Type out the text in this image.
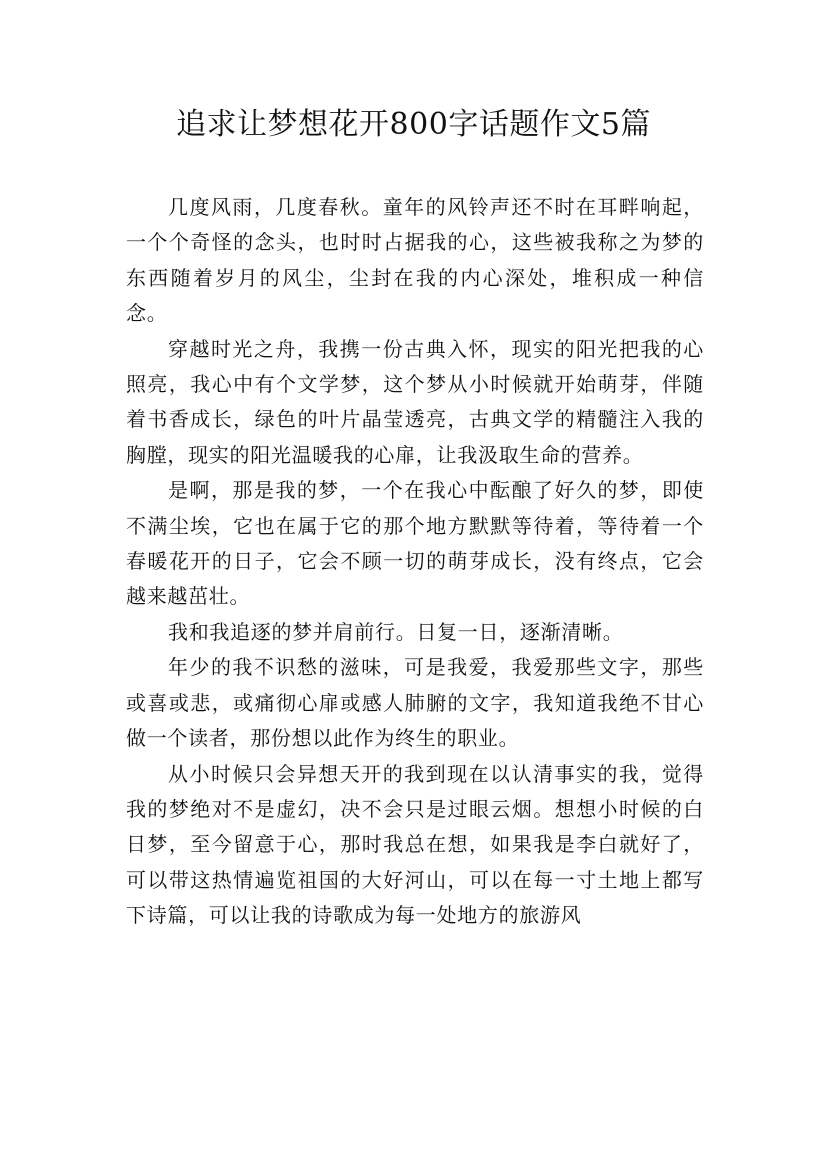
追求让梦想花开800字话题作文5篇

几度风雨，几度春秋。童年的风铃声还不时在耳畔响起，一个个奇怪的念头，也时时占据我的心，这些被我称之为梦的东西随着岁月的风尘，尘封在我的内心深处，堆积成一种信念。

穿越时光之舟，我携一份古典入怀，现实的阳光把我的心照亮，我心中有个文学梦，这个梦从小时候就开始萌芽，伴随着书香成长，绿色的叶片晶莹透亮，古典文学的精髓注入我的胸膛，现实的阳光温暖我的心扉，让我汲取生命的营养。

是啊，那是我的梦，一个在我心中酝酿了好久的梦，即使不满尘埃，它也在属于它的那个地方默默等待着，等待着一个春暖花开的日子，它会不顾一切的萌芽成长，没有终点，它会越来越茁壮。

我和我追逐的梦并肩前行。日复一日，逐渐清晰。

年少的我不识愁的滋味，可是我爱，我爱那些文字，那些或喜或悲，或痛彻心扉或感人肺腑的文字，我知道我绝不甘心做一个读者，那份想以此作为终生的职业。

从小时候只会异想天开的我到现在以认清事实的我，觉得我的梦绝对不是虚幻，决不会只是过眼云烟。想想小时候的白日梦，至今留意于心，那时我总在想，如果我是李白就好了，可以带这热情遍览祖国的大好河山，可以在每一寸土地上都写下诗篇，可以让我的诗歌成为每一处地方的旅游风
